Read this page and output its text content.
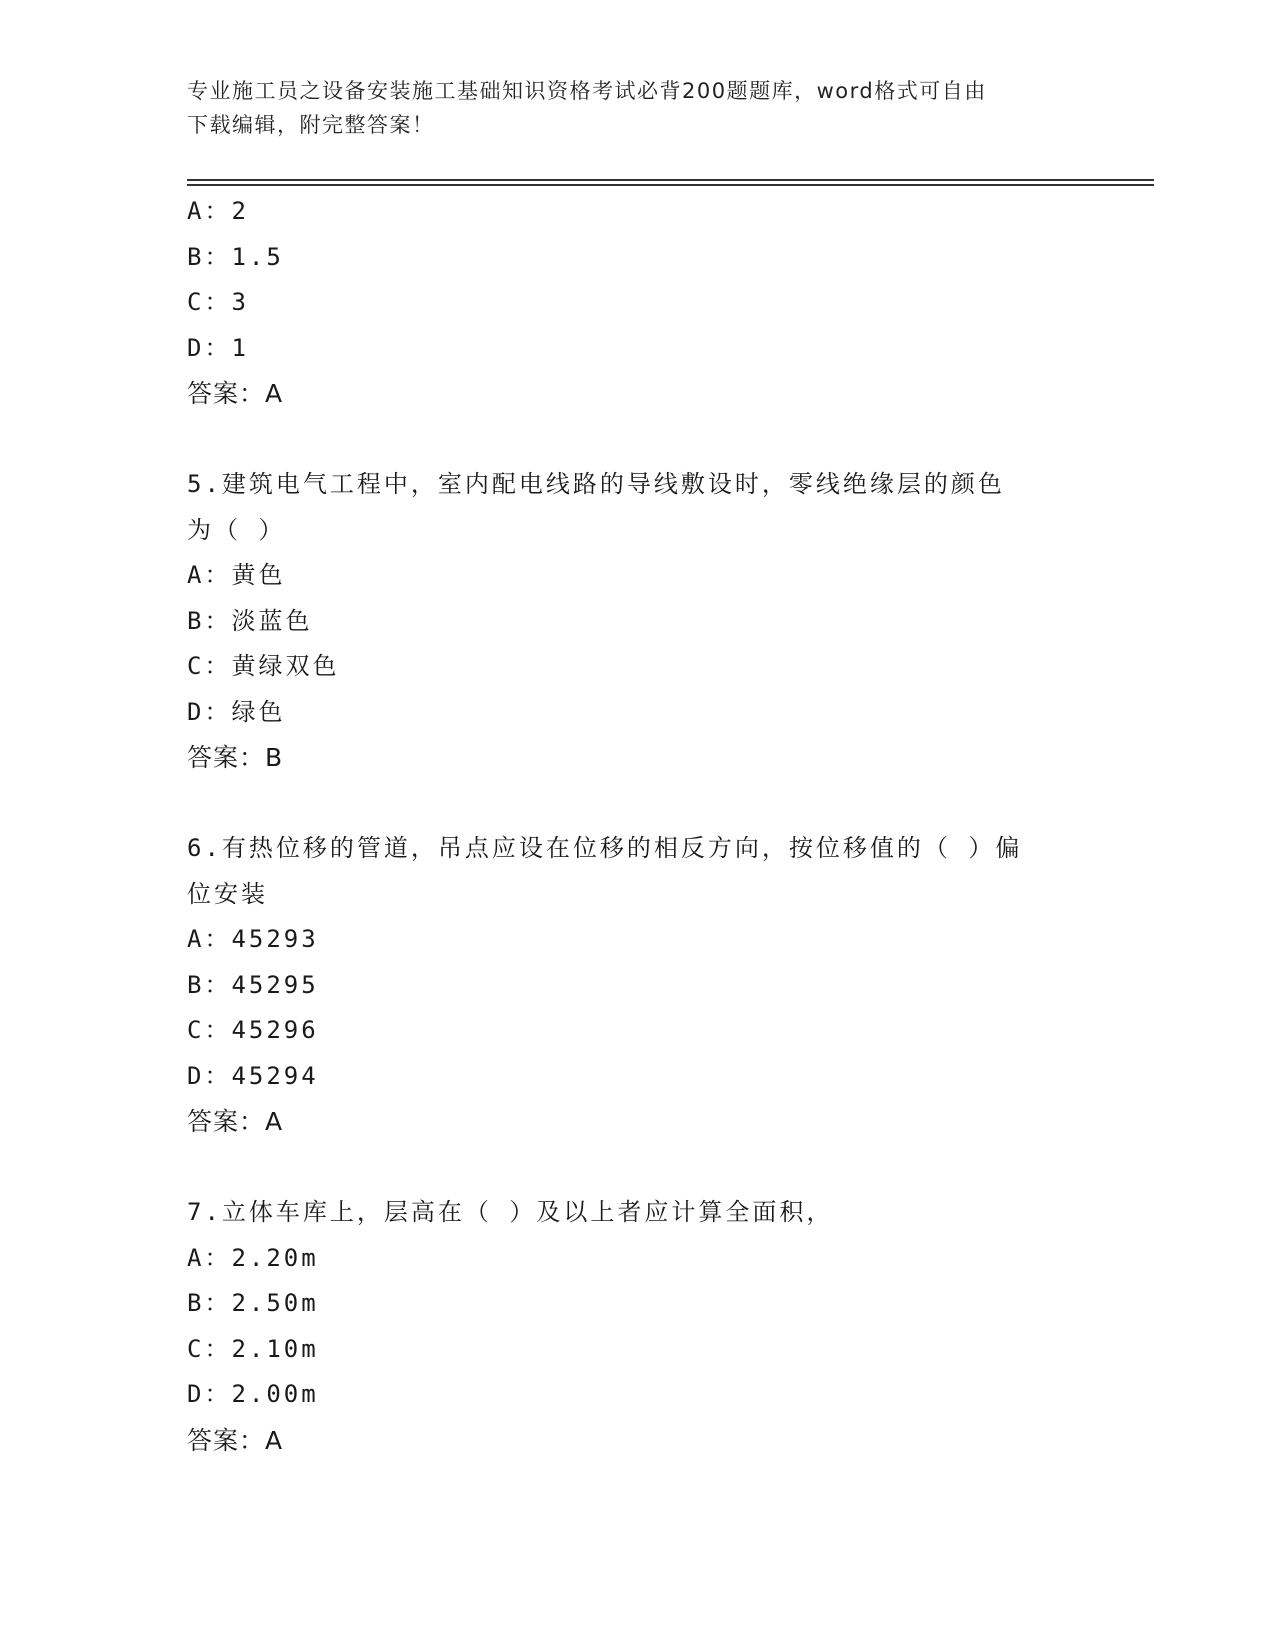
专业施工员之设备安装施工基础知识资格考试必背200题题库，word格式可自由
下载编辑，附完整答案！
A：2
B：1.5
C：3
D：1
答案：A
5.建筑电气工程中，室内配电线路的导线敷设时，零线绝缘层的颜色
为（ ）
A：黄色
B：淡蓝色
C：黄绿双色
D：绿色
答案：B
6.有热位移的管道，吊点应设在位移的相反方向，按位移值的（ ）偏
位安装
A：45293
B：45295
C：45296
D：45294
答案：A
7.立体车库上，层高在（ ）及以上者应计算全面积，
A：2.20m
B：2.50m
C：2.10m
D：2.00m
答案：A
